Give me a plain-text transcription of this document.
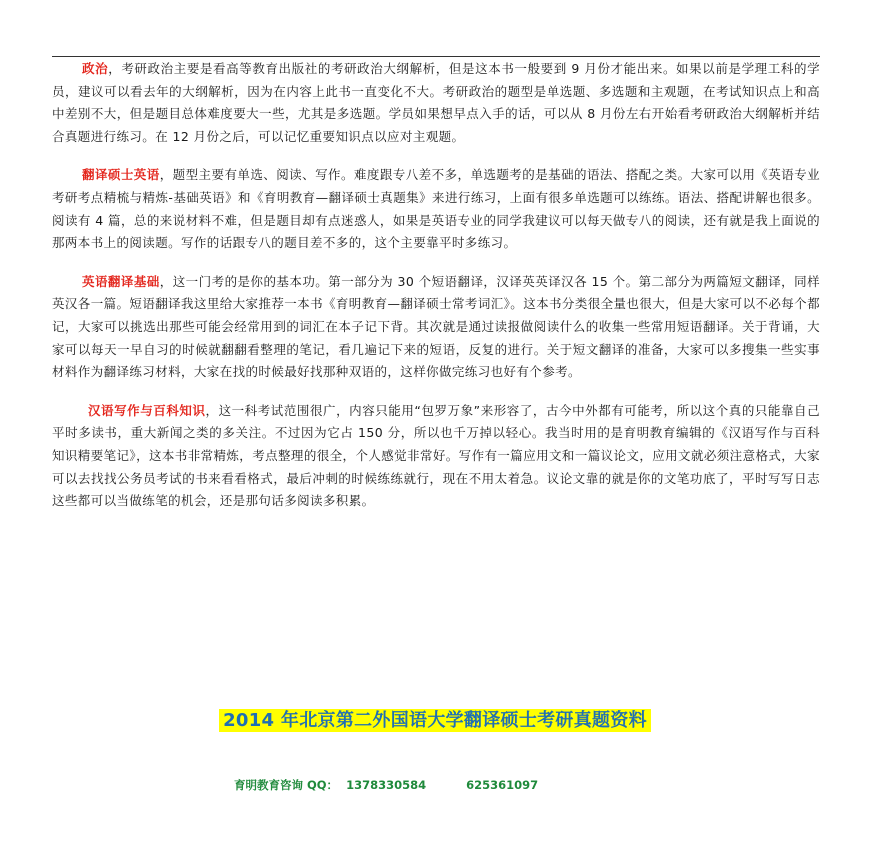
政治，考研政治主要是看高等教育出版社的考研政治大纲解析，但是这本书一般要到 9 月份才能出来。如果以前是学理工科的学员，建议可以看去年的大纲解析，因为在内容上此书一直变化不大。考研政治的题型是单选题、多选题和主观题，在考试知识点上和高中差别不大，但是题目总体难度要大一些，尤其是多选题。学员如果想早点入手的话，可以从 8 月份左右开始看考研政治大纲解析并结合真题进行练习。在 12 月份之后，可以记忆重要知识点以应对主观题。

翻译硕士英语，题型主要有单选、阅读、写作。难度跟专八差不多，单选题考的是基础的语法、搭配之类。大家可以用《英语专业考研考点精梳与精炼-基础英语》和《育明教育—翻译硕士真题集》来进行练习，上面有很多单选题可以练练。语法、搭配讲解也很多。阅读有 4 篇，总的来说材料不难，但是题目却有点迷惑人，如果是英语专业的同学我建议可以每天做专八的阅读，还有就是我上面说的那两本书上的阅读题。写作的话跟专八的题目差不多的，这个主要靠平时多练习。

英语翻译基础，这一门考的是你的基本功。第一部分为 30 个短语翻译，汉译英英译汉各 15 个。第二部分为两篇短文翻译，同样英汉各一篇。短语翻译我这里给大家推荐一本书《育明教育—翻译硕士常考词汇》。这本书分类很全量也很大，但是大家可以不必每个都记，大家可以挑选出那些可能会经常用到的词汇在本子记下背。其次就是通过读报做阅读什么的收集一些常用短语翻译。关于背诵，大家可以每天一早自习的时候就翻翻看整理的笔记，看几遍记下来的短语，反复的进行。关于短文翻译的准备，大家可以多搜集一些实事材料作为翻译练习材料，大家在找的时候最好找那种双语的，这样你做完练习也好有个参考。

汉语写作与百科知识，这一科考试范围很广，内容只能用“包罗万象”来形容了，古今中外都有可能考，所以这个真的只能靠自己平时多读书，重大新闻之类的多关注。不过因为它占 150 分，所以也千万掉以轻心。我当时用的是育明教育编辑的《汉语写作与百科知识精要笔记》，这本书非常精炼，考点整理的很全，个人感觉非常好。写作有一篇应用文和一篇议论文，应用文就必须注意格式，大家可以去找找公务员考试的书来看看格式，最后冲刺的时候练练就行，现在不用太着急。议论文靠的就是你的文笔功底了，平时写写日志这些都可以当做练笔的机会，还是那句话多阅读多积累。

2014 年北京第二外国语大学翻译硕士考研真题资料
育明教育咨询 QQ： 1378330584	625361097
